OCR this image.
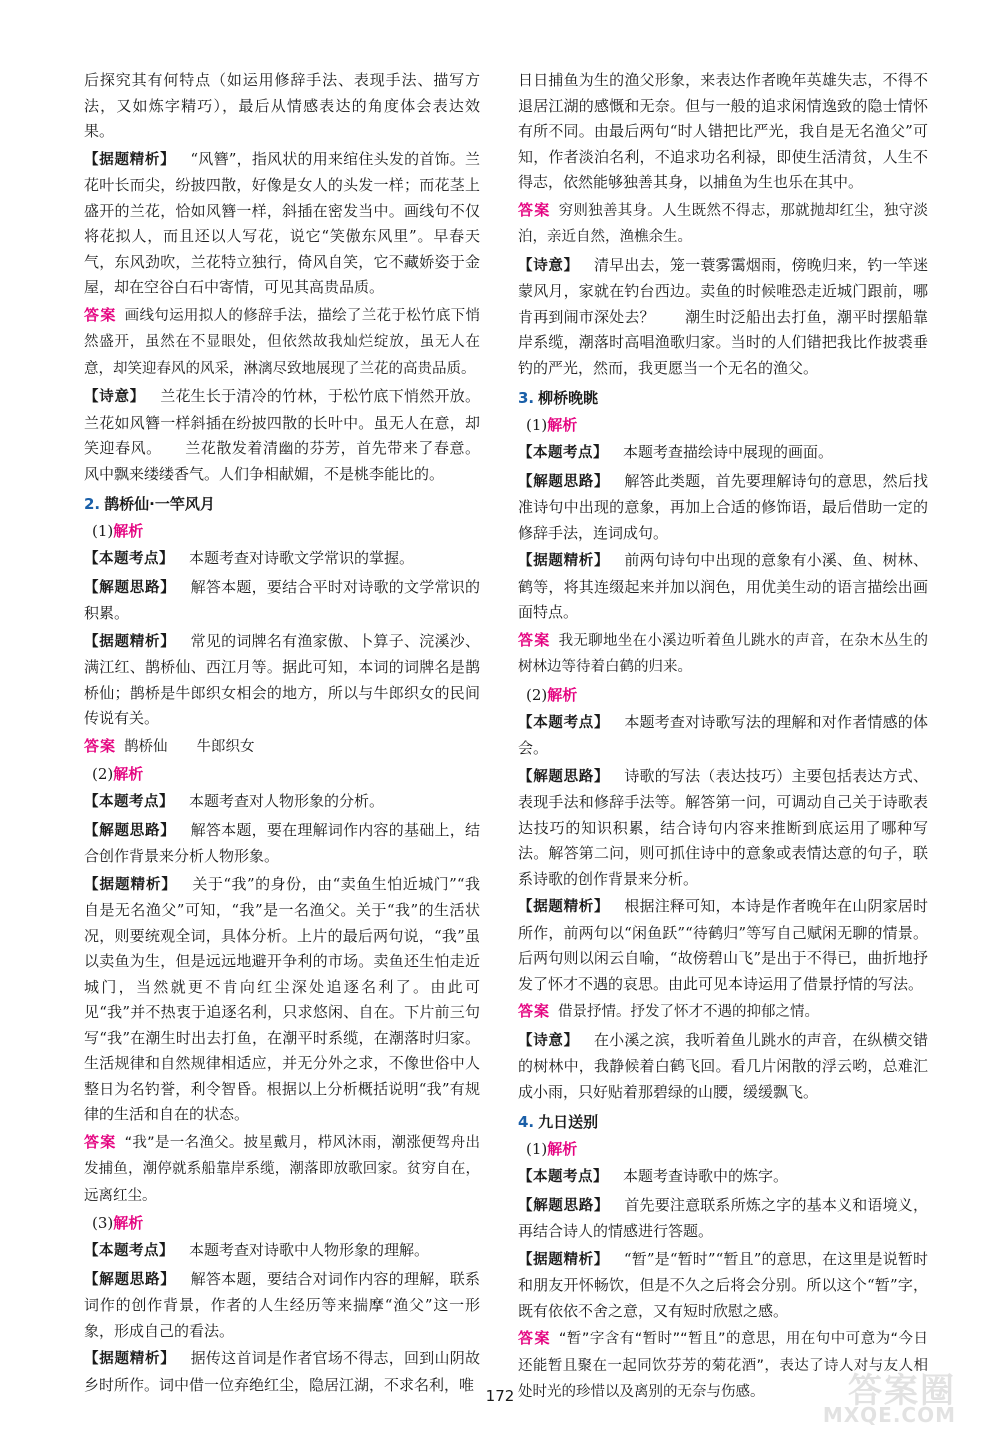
后探究其有何特点（如运用修辞手法、表现手法、描写方法，又如炼字精巧），最后从情感表达的角度体会表达效果。
【据题精析】  “风簪”，指风状的用来绾住头发的首饰。兰花叶长而尖，纷披四散，好像是女人的头发一样；而花茎上盛开的兰花，恰如风簪一样，斜插在密发当中。画线句不仅将花拟人，而且还以人写花，说它“笑傲东风里”。早春天气，东风劲吹，兰花特立独行，倚风自笑，它不藏娇姿于金屋，却在空谷白石中寄情，可见其高贵品质。
答案 画线句运用拟人的修辞手法，描绘了兰花于松竹底下悄然盛开，虽然在不显眼处，但依然故我灿烂绽放，虽无人在意，却笑迎春风的风采，淋漓尽致地展现了兰花的高贵品质。
【诗意】  兰花生长于清冷的竹林，于松竹底下悄然开放。兰花如风簪一样斜插在纷披四散的长叶中。虽无人在意，却笑迎春风。　　兰花散发着清幽的芬芳，首先带来了春意。风中飘来缕缕香气。人们争相献媚，不是桃李能比的。
2. 鹊桥仙·一竿风月
(1)解析
【本题考点】  本题考查对诗歌文学常识的掌握。
【解题思路】  解答本题，要结合平时对诗歌的文学常识的积累。
【据题精析】  常见的词牌名有渔家傲、卜算子、浣溪沙、满江红、鹊桥仙、西江月等。据此可知，本词的词牌名是鹊桥仙；鹊桥是牛郎织女相会的地方，所以与牛郎织女的民间传说有关。
答案 鹊桥仙　　牛郎织女
(2)解析
【本题考点】  本题考查对人物形象的分析。
【解题思路】  解答本题，要在理解词作内容的基础上，结合创作背景来分析人物形象。
【据题精析】  关于“我”的身份，由“卖鱼生怕近城门”“我自是无名渔父”可知，“我”是一名渔父。关于“我”的生活状况，则要统观全词，具体分析。上片的最后两句说，“我”虽以卖鱼为生，但是远远地避开争利的市场。卖鱼还生怕走近城门，当然就更不肯向红尘深处追逐名利了。由此可见“我”并不热衷于追逐名利，只求悠闲、自在。下片前三句写“我”在潮生时出去打鱼，在潮平时系缆，在潮落时归家。生活规律和自然规律相适应，并无分外之求，不像世俗中人整日为名钓誉，利令智昏。根据以上分析概括说明“我”有规律的生活和自在的状态。
答案 “我”是一名渔父。披星戴月，栉风沐雨，潮涨便驾舟出发捕鱼，潮停就系船靠岸系缆，潮落即放歌回家。贫穷自在，远离红尘。
(3)解析
【本题考点】  本题考查对诗歌中人物形象的理解。
【解题思路】  解答本题，要结合对词作内容的理解，联系词作的创作背景，作者的人生经历等来揣摩“渔父”这一形象，形成自己的看法。
【据题精析】  据传这首词是作者官场不得志，回到山阴故乡时所作。词中借一位弃绝红尘，隐居江湖，不求名利，唯
日日捕鱼为生的渔父形象，来表达作者晚年英雄失志，不得不退居江湖的感慨和无奈。但与一般的追求闲情逸致的隐士情怀有所不同。由最后两句“时人错把比严光，我自是无名渔父”可知，作者淡泊名利，不追求功名利禄，即使生活清贫，人生不得志，依然能够独善其身，以捕鱼为生也乐在其中。
答案 穷则独善其身。人生既然不得志，那就抛却红尘，独守淡泊，亲近自然，渔樵余生。
【诗意】  清早出去，笼一蓑雾霭烟雨，傍晚归来，钓一竿迷蒙风月，家就在钓台西边。卖鱼的时候唯恐走近城门跟前，哪肯再到闹市深处去？　　潮生时泛船出去打鱼，潮平时摆船靠岸系缆，潮落时高唱渔歌归家。当时的人们错把我比作披裘垂钓的严光，然而，我更愿当一个无名的渔父。
3. 柳桥晚眺
(1)解析
【本题考点】  本题考查描绘诗中展现的画面。
【解题思路】  解答此类题，首先要理解诗句的意思，然后找准诗句中出现的意象，再加上合适的修饰语，最后借助一定的修辞手法，连词成句。
【据题精析】  前两句诗句中出现的意象有小溪、鱼、树林、鹤等，将其连缀起来并加以润色，用优美生动的语言描绘出画面特点。
答案 我无聊地坐在小溪边听着鱼儿跳水的声音，在杂木丛生的树林边等待着白鹤的归来。
(2)解析
【本题考点】  本题考查对诗歌写法的理解和对作者情感的体会。
【解题思路】  诗歌的写法（表达技巧）主要包括表达方式、表现手法和修辞手法等。解答第一问，可调动自己关于诗歌表达技巧的知识积累，结合诗句内容来推断到底运用了哪种写法。解答第二问，则可抓住诗中的意象或表情达意的句子，联系诗歌的创作背景来分析。
【据题精析】  根据注释可知，本诗是作者晚年在山阴家居时所作，前两句以“闲鱼跃”“待鹤归”等写自己赋闲无聊的情景。后两句则以闲云自喻，“故傍碧山飞”是出于不得已，曲折地抒发了怀才不遇的哀思。由此可见本诗运用了借景抒情的写法。
答案 借景抒情。抒发了怀才不遇的抑郁之情。
【诗意】  在小溪之滨，我听着鱼儿跳水的声音，在纵横交错的树林中，我静候着白鹤飞回。看几片闲散的浮云哟，总难汇成小雨，只好贴着那碧绿的山腰，缓缓飘飞。
4. 九日送别
(1)解析
【本题考点】  本题考查诗歌中的炼字。
【解题思路】  首先要注意联系所炼之字的基本义和语境义，再结合诗人的情感进行答题。
【据题精析】  “暂”是“暂时”“暂且”的意思，在这里是说暂时和朋友开怀畅饮，但是不久之后将会分别。所以这个“暂”字，既有依依不舍之意，又有短时欣慰之感。
答案 “暂”字含有“暂时”“暂且”的意思，用在句中可意为“今日还能暂且聚在一起同饮芬芳的菊花酒”，表达了诗人对与友人相处时光的珍惜以及离别的无奈与伤感。
172	答案圈
MXQE.COM
